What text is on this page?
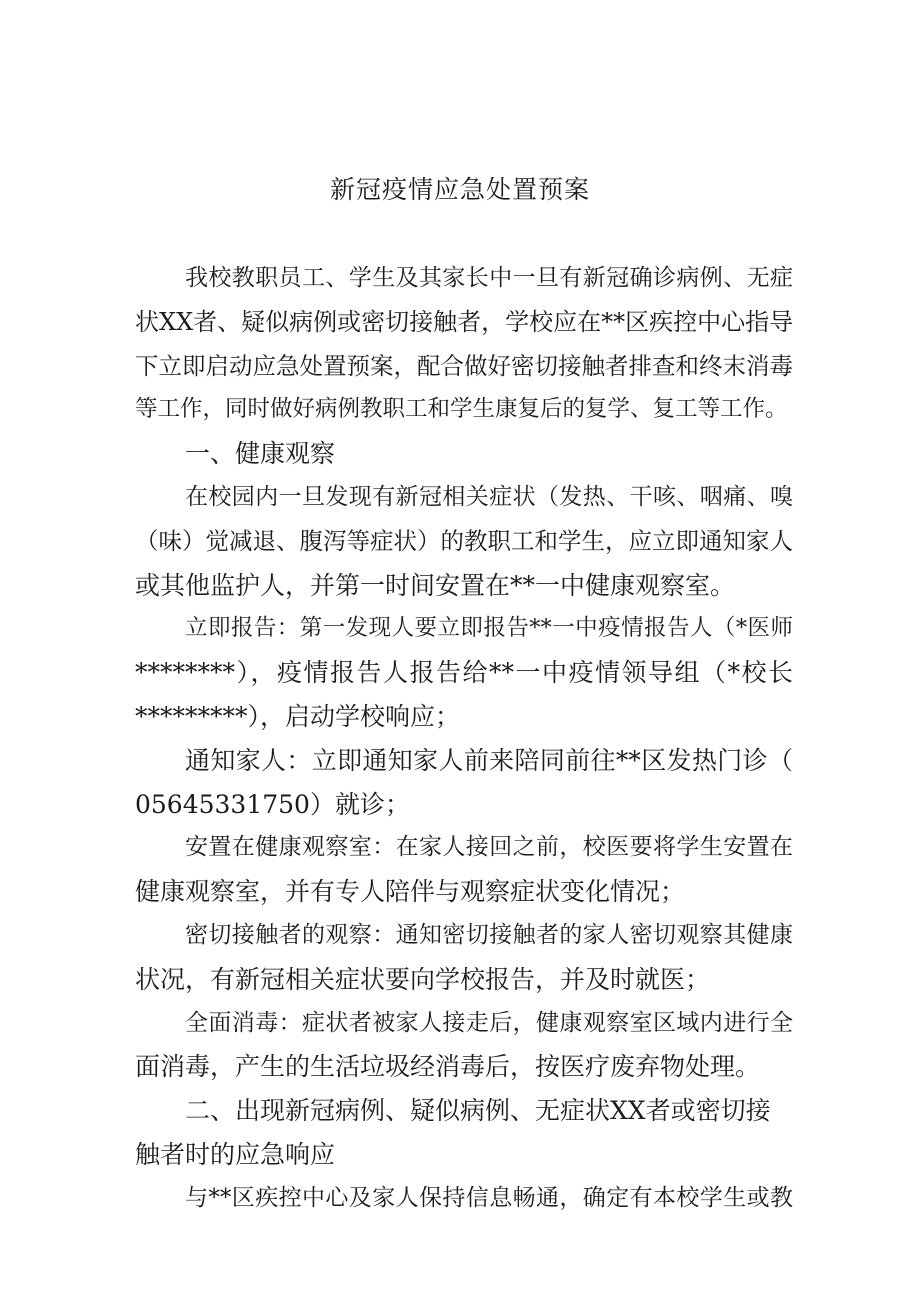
新冠疫情应急处置预案
我校教职员工、学生及其家长中一旦有新冠确诊病例、无症
状XX者、疑似病例或密切接触者，学校应在**区疾控中心指导
下立即启动应急处置预案，配合做好密切接触者排查和终末消毒
等工作，同时做好病例教职工和学生康复后的复学、复工等工作。
一、健康观察
在校园内一旦发现有新冠相关症状（发热、干咳、咽痛、嗅
（味）觉减退、腹泻等症状）的教职工和学生，应立即通知家人
或其他监护人，并第一时间安置在**一中健康观察室。
立即报告：第一发现人要立即报告**一中疫情报告人（*医师
********），疫情报告人报告给**一中疫情领导组（*校长
*********），启动学校响应；
通知家人：立即通知家人前来陪同前往**区发热门诊（
05645331750）就诊；
安置在健康观察室：在家人接回之前，校医要将学生安置在
健康观察室，并有专人陪伴与观察症状变化情况；
密切接触者的观察：通知密切接触者的家人密切观察其健康
状况，有新冠相关症状要向学校报告，并及时就医；
全面消毒：症状者被家人接走后，健康观察室区域内进行全
面消毒，产生的生活垃圾经消毒后，按医疗废弃物处理。
二、出现新冠病例、疑似病例、无症状XX者或密切接
触者时的应急响应
与**区疾控中心及家人保持信息畅通，确定有本校学生或教
